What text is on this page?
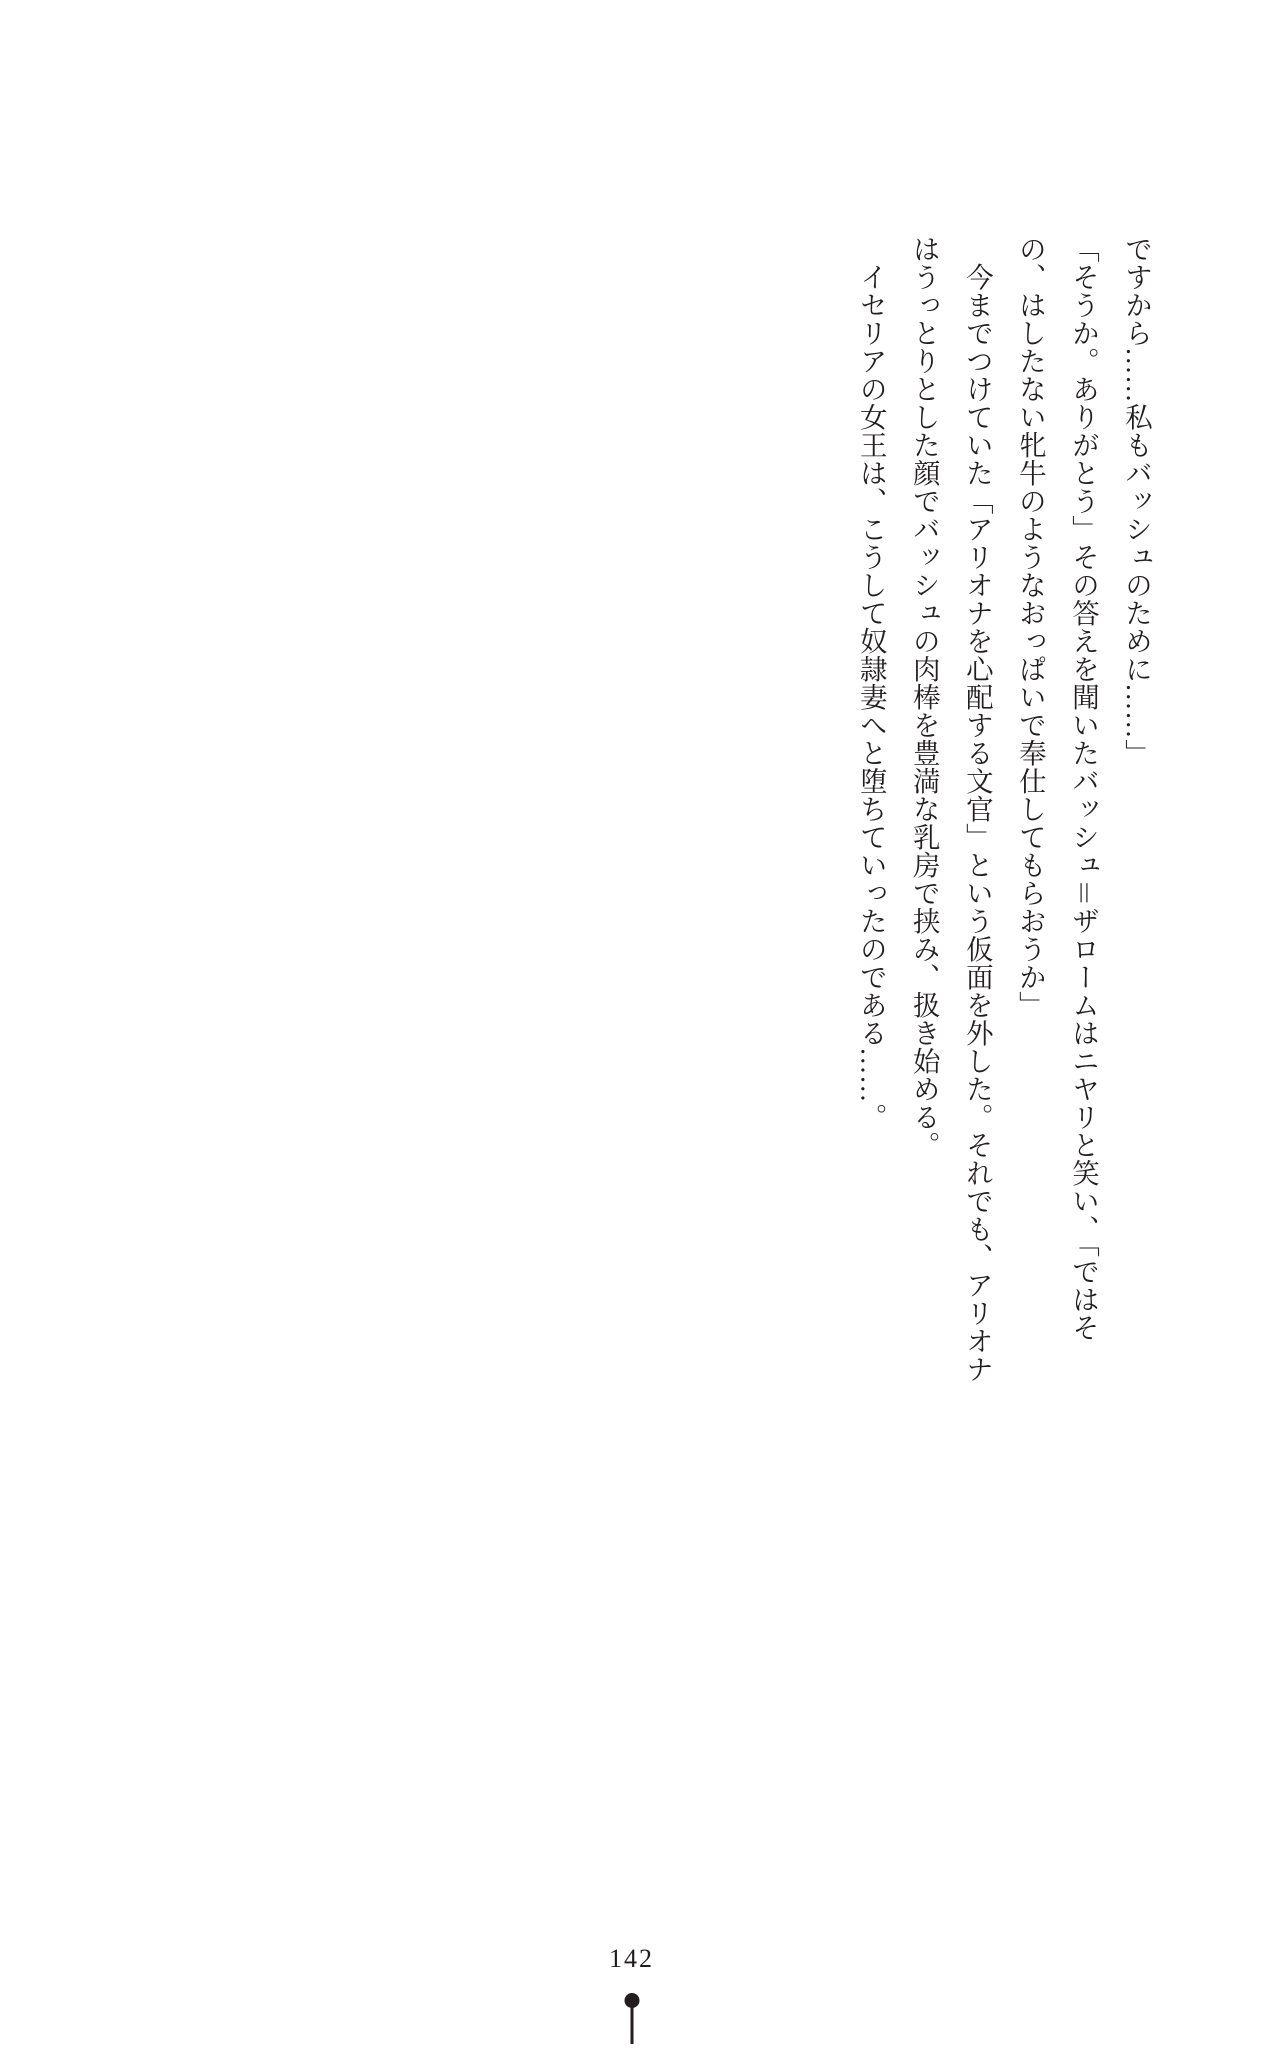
ですから……私もバッシュのために……」

「そうか。ありがとう」その答えを聞いたバッシュ＝ザロームはニヤリと笑い、「ではその、はしたない牝牛のようなおっぱいで奉仕してもらおうか」

今までつけていた「アリオナを心配する文官」という仮面を外した。それでも、アリオナはうっとりとした顔でバッシュの肉棒を豊満な乳房で挟み、扱き始める。

イセリアの女王は、こうして奴隷妻へと堕ちていったのである……。

142
